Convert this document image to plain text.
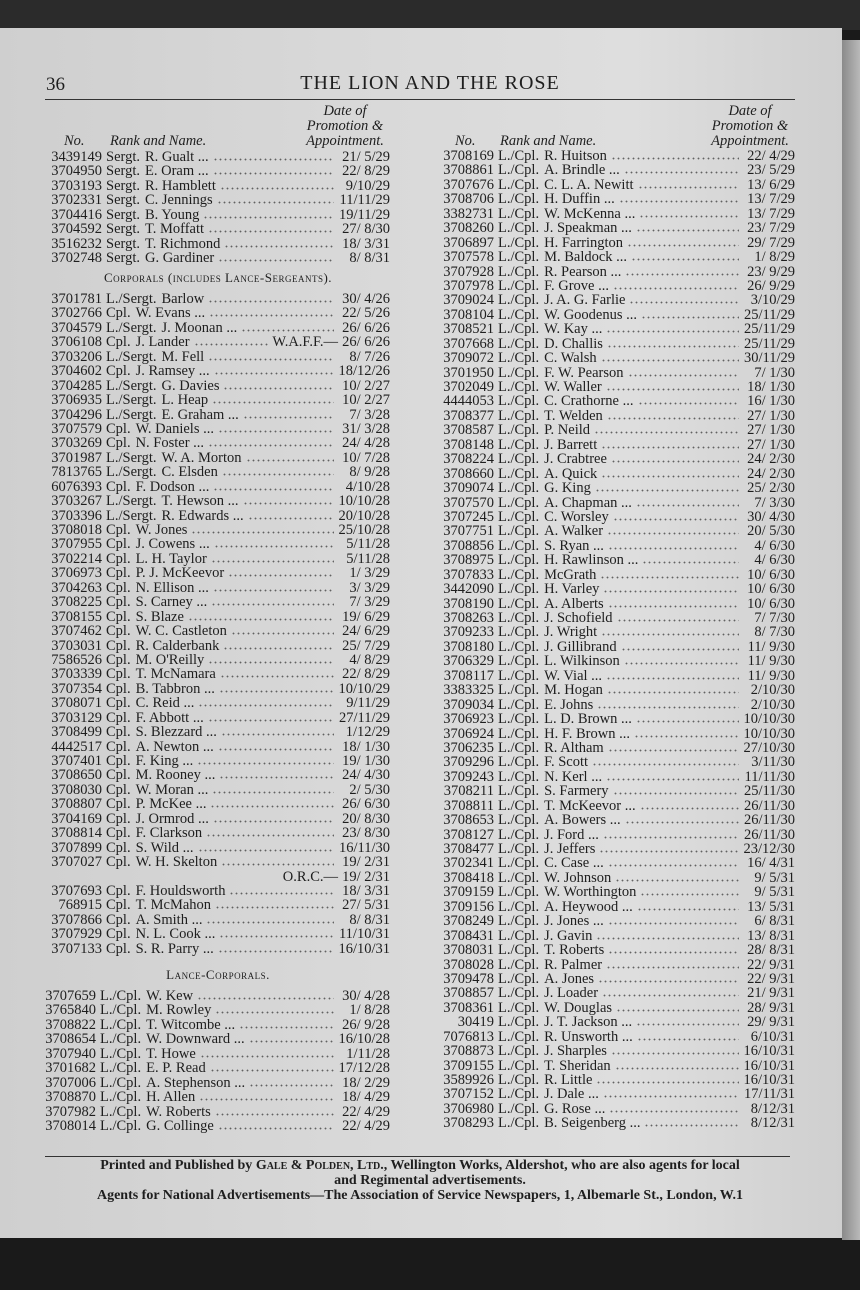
36	THE LION AND THE ROSE
Date of
Promotion &
Appointment.
No. Rank and Name.
Date of
Promotion &
Appointment.
No. Rank and Name.
3439149 Sergt. R. Gualt ...	21/ 5/29
3704950 Sergt. E. Oram ...	22/ 8/29
3703193 Sergt. R. Hamblett	9/10/29
3702331 Sergt. C. Jennings	11/11/29
3704416 Sergt. B. Young	19/11/29
3704592 Sergt. T. Moffatt	27/ 8/30
3516232 Sergt. T. Richmond	18/ 3/31
3702748 Sergt. G. Gardiner	8/ 8/31
Corporals (includes Lance-Sergeants).
3701781 L./Sergt. Barlow	30/ 4/26
3702766 Cpl. W. Evans ...	22/ 5/26
3704579 L./Sergt. J. Moonan ...	26/ 6/26
3706108 Cpl. J. Lander	W.A.F.F.— 26/ 6/26
3703206 L./Sergt. M. Fell	8/ 7/26
3704602 Cpl. J. Ramsey ...	18/12/26
3704285 L./Sergt. G. Davies	10/ 2/27
3706935 L./Sergt. L. Heap	10/ 2/27
3704296 L./Sergt. E. Graham ...	7/ 3/28
3707579 Cpl. W. Daniels ...	31/ 3/28
3703269 Cpl. N. Foster ...	24/ 4/28
3701987 L./Sergt. W. A. Morton	10/ 7/28
7813765 L./Sergt. C. Elsden	8/ 9/28
6076393 Cpl. F. Dodson ...	4/10/28
3703267 L./Sergt. T. Hewson ...	10/10/28
3703396 L./Sergt. R. Edwards ...	20/10/28
3708018 Cpl. W. Jones	25/10/28
3707955 Cpl. J. Cowens ...	5/11/28
3702214 Cpl. L. H. Taylor	5/11/28
3706973 Cpl. P. J. McKeevor	1/ 3/29
3704263 Cpl. N. Ellison ...	3/ 3/29
3708225 Cpl. S. Carney ...	7/ 3/29
3708155 Cpl. S. Blaze	19/ 6/29
3707462 Cpl. W. C. Castleton	24/ 6/29
3703031 Cpl. R. Calderbank	25/ 7/29
7586526 Cpl. M. O'Reilly	4/ 8/29
3703339 Cpl. T. McNamara	22/ 8/29
3707354 Cpl. B. Tabbron ...	10/10/29
3708071 Cpl. C. Reid ...	9/11/29
3703129 Cpl. F. Abbott ...	27/11/29
3708499 Cpl. S. Blezzard ...	1/12/29
4442517 Cpl. A. Newton ...	18/ 1/30
3707401 Cpl. F. King ...	19/ 1/30
3708650 Cpl. M. Rooney ...	24/ 4/30
3708030 Cpl. W. Moran ...	2/ 5/30
3708807 Cpl. P. McKee ...	26/ 6/30
3704169 Cpl. J. Ormrod ...	20/ 8/30
3708814 Cpl. F. Clarkson	23/ 8/30
3707899 Cpl. S. Wild ...	16/11/30
3707027 Cpl. W. H. Skelton	19/ 2/31
O.R.C.— 19/ 2/31
3707693 Cpl. F. Houldsworth	18/ 3/31
768915 Cpl. T. McMahon	27/ 5/31
3707866 Cpl. A. Smith ...	8/ 8/31
3707929 Cpl. N. L. Cook ...	11/10/31
3707133 Cpl. S. R. Parry ...	16/10/31
Lance-Corporals.
3707659 L./Cpl. W. Kew	30/ 4/28
3765840 L./Cpl. M. Rowley	1/ 8/28
3708822 L./Cpl. T. Witcombe ...	26/ 9/28
3708654 L./Cpl. W. Downward ...	16/10/28
3707940 L./Cpl. T. Howe	1/11/28
3701682 L./Cpl. E. P. Read	17/12/28
3707006 L./Cpl. A. Stephenson ...	18/ 2/29
3708870 L./Cpl. H. Allen	18/ 4/29
3707982 L./Cpl. W. Roberts	22/ 4/29
3708014 L./Cpl. G. Collinge	22/ 4/29
3708169 L./Cpl. R. Huitson	22/ 4/29
3708861 L./Cpl. A. Brindle ...	23/ 5/29
3707676 L./Cpl. C. L. A. Newitt	13/ 6/29
3708706 L./Cpl. H. Duffin ...	13/ 7/29
3382731 L./Cpl. W. McKenna ...	13/ 7/29
3708260 L./Cpl. J. Speakman ...	23/ 7/29
3706897 L./Cpl. H. Farrington	29/ 7/29
3707578 L./Cpl. M. Baldock ...	1/ 8/29
3707928 L./Cpl. R. Pearson ...	23/ 9/29
3707978 L./Cpl. F. Grove ...	26/ 9/29
3709024 L./Cpl. J. A. G. Farlie	3/10/29
3708104 L./Cpl. W. Goodenus ...	25/11/29
3708521 L./Cpl. W. Kay ...	25/11/29
3707668 L./Cpl. D. Challis	25/11/29
3709072 L./Cpl. C. Walsh	30/11/29
3701950 L./Cpl. F. W. Pearson	7/ 1/30
3702049 L./Cpl. W. Waller	18/ 1/30
4444053 L./Cpl. C. Crathorne ...	16/ 1/30
3708377 L./Cpl. T. Welden	27/ 1/30
3708587 L./Cpl. P. Neild	27/ 1/30
3708148 L./Cpl. J. Barrett	27/ 1/30
3708224 L./Cpl. J. Crabtree	24/ 2/30
3708660 L./Cpl. A. Quick	24/ 2/30
3709074 L./Cpl. G. King	25/ 2/30
3707570 L./Cpl. A. Chapman ...	7/ 3/30
3707245 L./Cpl. C. Worsley	30/ 4/30
3707751 L./Cpl. A. Walker	20/ 5/30
3708856 L./Cpl. S. Ryan ...	4/ 6/30
3708975 L./Cpl. H. Rawlinson ...	4/ 6/30
3707833 L./Cpl. McGrath	10/ 6/30
3442090 L./Cpl. H. Varley	10/ 6/30
3708190 L./Cpl. A. Alberts	10/ 6/30
3708263 L./Cpl. J. Schofield	7/ 7/30
3709233 L./Cpl. J. Wright	8/ 7/30
3708180 L./Cpl. J. Gillibrand	11/ 9/30
3706329 L./Cpl. L. Wilkinson	11/ 9/30
3708117 L./Cpl. W. Vial ...	11/ 9/30
3383325 L./Cpl. M. Hogan	2/10/30
3709034 L./Cpl. E. Johns	2/10/30
3706923 L./Cpl. L. D. Brown ...	10/10/30
3706924 L./Cpl. H. F. Brown ...	10/10/30
3706235 L./Cpl. R. Altham	27/10/30
3709296 L./Cpl. F. Scott	3/11/30
3709243 L./Cpl. N. Kerl ...	11/11/30
3708211 L./Cpl. S. Farmery	25/11/30
3708811 L./Cpl. T. McKeevor ...	26/11/30
3708653 L./Cpl. A. Bowers ...	26/11/30
3708127 L./Cpl. J. Ford ...	26/11/30
3708477 L./Cpl. J. Jeffers	23/12/30
3702341 L./Cpl. C. Case ...	16/ 4/31
3708418 L./Cpl. W. Johnson	9/ 5/31
3709159 L./Cpl. W. Worthington	9/ 5/31
3709156 L./Cpl. A. Heywood ...	13/ 5/31
3708249 L./Cpl. J. Jones ...	6/ 8/31
3708431 L./Cpl. J. Gavin	13/ 8/31
3708031 L./Cpl. T. Roberts	28/ 8/31
3708028 L./Cpl. R. Palmer	22/ 9/31
3709478 L./Cpl. A. Jones	22/ 9/31
3708857 L./Cpl. J. Loader	21/ 9/31
3708361 L./Cpl. W. Douglas	28/ 9/31
30419 L./Cpl. J. T. Jackson ...	29/ 9/31
7076813 L./Cpl. R. Unsworth ...	6/10/31
3708873 L./Cpl. J. Sharples	16/10/31
3709155 L./Cpl. T. Sheridan	16/10/31
3589926 L./Cpl. R. Little	16/10/31
3707152 L./Cpl. J. Dale ...	17/11/31
3706980 L./Cpl. G. Rose ...	8/12/31
3708293 L./Cpl. B. Seigenberg ...	8/12/31
Printed and Published by Gale & Polden, Ltd., Wellington Works, Aldershot, who are also agents for local
and Regimental advertisements.
Agents for National Advertisements—The Association of Service Newspapers, 1, Albemarle St., London, W.1
